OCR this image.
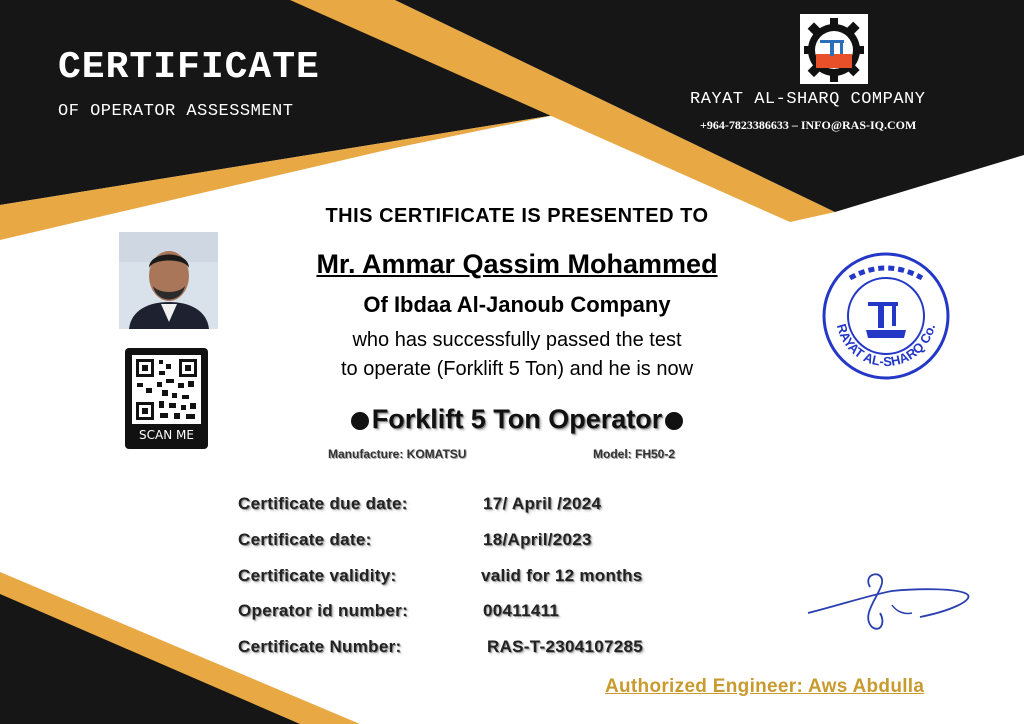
CERTIFICATE
OF OPERATOR ASSESSMENT
RAYAT AL-SHARQ COMPANY
+964-7823386633 – INFO@RAS-IQ.COM
SCAN ME
THIS CERTIFICATE IS PRESENTED TO
Mr. Ammar Qassim Mohammed
Of Ibdaa Al-Janoub Company
who has successfully passed the test
to operate (Forklift 5 Ton) and he is now
Forklift 5 Ton Operator
Manufacture: KOMATSU	Model: FH50-2
Certificate due date:	17/ April /2024
Certificate date:	18/April/2023
Certificate validity:	valid for 12 months
Operator id number:	00411411
Certificate Number:	RAS-T-2304107285
RAYAT AL-SHARQ Co.
Authorized Engineer: Aws Abdulla
